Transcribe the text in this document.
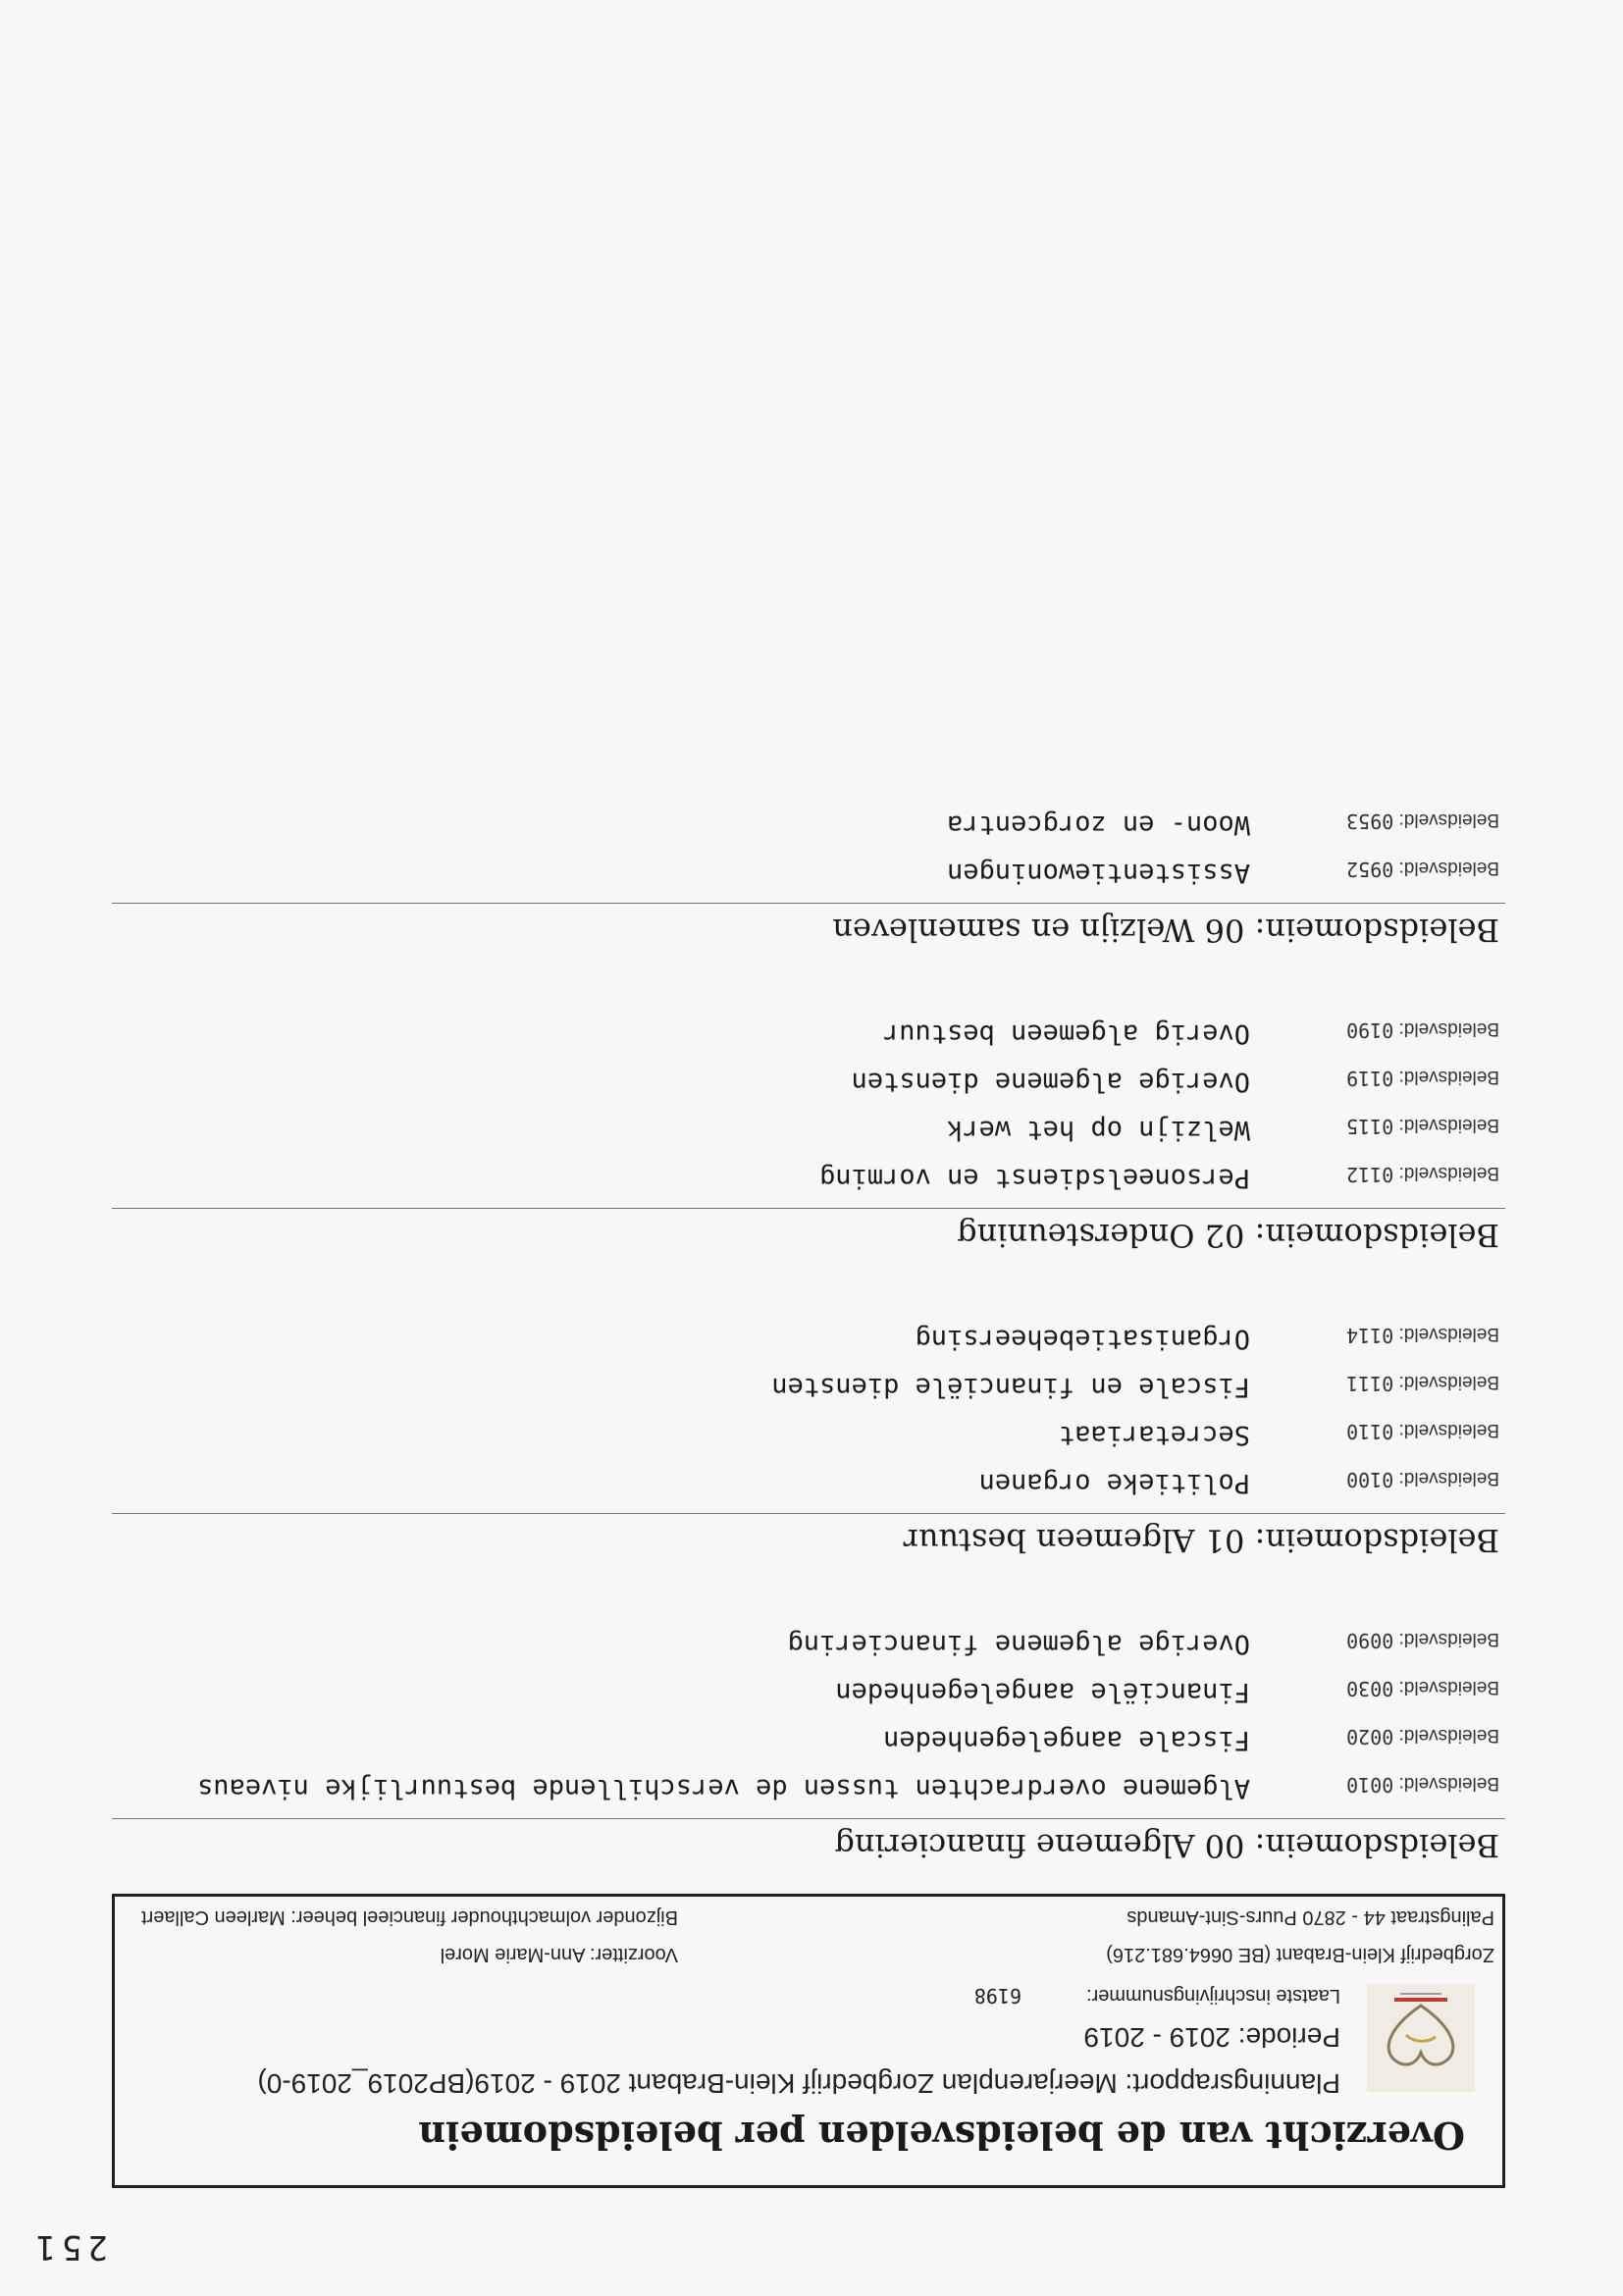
251
Overzicht van de beleidsvelden per beleidsdomein
Planningsrapport: Meerjarenplan Zorgbedrijf Klein-Brabant 2019 - 2019(BP2019_2019-0)
Periode: 2019 - 2019
Laatste inschrijvingsnummer:
6198
Zorgbedrijf Klein-Brabant (BE 0664.681.216)
Voorzitter: Ann-Marie Morel
Palingstraat 44 - 2870 Puurs-Sint-Amands
Bijzonder volmachthouder financieel beheer: Marleen Callaert
Beleidsdomein: 00 Algemene financiering
Beleidsveld: 0010
Algemene overdrachten tussen de verschillende bestuurlijke niveaus
Beleidsveld: 0020
Fiscale aangelegenheden
Beleidsveld: 0030
Financiële aangelegenheden
Beleidsveld: 0090
Overige algemene financiering
Beleidsdomein: 01 Algemeen bestuur
Beleidsveld: 0100
Politieke organen
Beleidsveld: 0110
Secretariaat
Beleidsveld: 0111
Fiscale en financiële diensten
Beleidsveld: 0114
Organisatiebeheersing
Beleidsdomein: 02 Ondersteuning
Beleidsveld: 0112
Personeelsdienst en vorming
Beleidsveld: 0115
Welzijn op het werk
Beleidsveld: 0119
Overige algemene diensten
Beleidsveld: 0190
Overig algemeen bestuur
Beleidsdomein: 06 Welzijn en samenleven
Beleidsveld: 0952
Assistentiewoningen
Beleidsveld: 0953
Woon- en zorgcentra
